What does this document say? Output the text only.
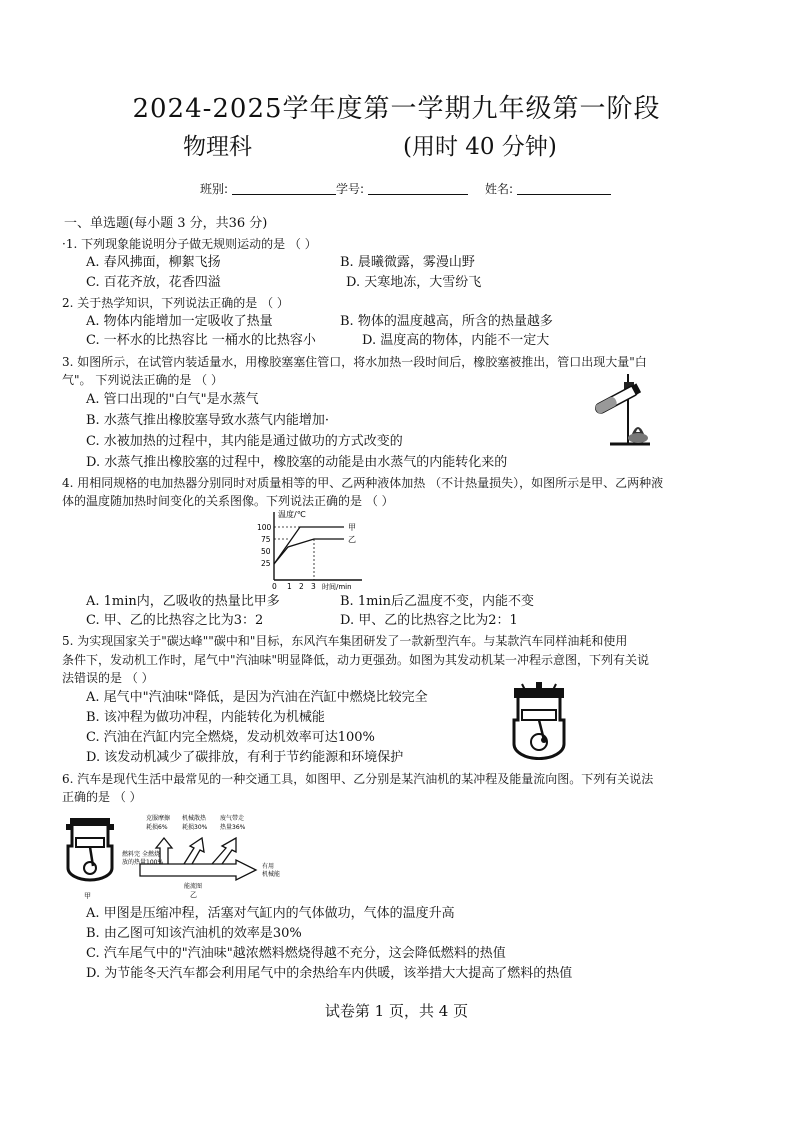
2024-2025学年度第一学期九年级第一阶段
物理科	(用时 40 分钟)
班别:	学号:	姓名:
一、单选题(每小题 3 分，共36 分)
·1. 下列现象能说明分子做无规则运动的是 （ ）
A. 春风拂面，柳絮飞扬	B. 晨曦微露，雾漫山野
C. 百花齐放，花香四溢	D. 天寒地冻，大雪纷飞
2. 关于热学知识，下列说法正确的是 （ ）
A. 物体内能增加一定吸收了热量	B. 物体的温度越高，所含的热量越多
C. 一杯水的比热容比 一桶水的比热容小	D. 温度高的物体，内能不一定大
3. 如图所示，在试管内装适量水，用橡胶塞塞住管口，将水加热一段时间后，橡胶塞被推出，管口出现大量"白
气"。 下列说法正确的是 （ ）
A. 管口出现的"白气"是水蒸气
B. 水蒸气推出橡胶塞导致水蒸气内能增加·
C. 水被加热的过程中，其内能是通过做功的方式改变的
D. 水蒸气推出橡胶塞的过程中，橡胶塞的动能是由水蒸气的内能转化来的
4. 用相同规格的电加热器分别同时对质量相等的甲、乙两种液体加热 （不计热量损失），如图所示是甲、乙两种液
体的温度随加热时间变化的关系图像。下列说法正确的是 （ ）
温度/℃
时间/min
100
75
50
25
0 1 2 3
甲
乙
A. 1min内，乙吸收的热量比甲多	B. 1min后乙温度不变，内能不变
C. 甲、乙的比热容之比为3：2	D. 甲、乙的比热容之比为2：1
5. 为实现国家关于"碳达峰""碳中和"目标，东风汽车集团研发了一款新型汽车。与某款汽车同样油耗和使用
条件下，发动机工作时，尾气中"汽油味"明显降低，动力更强劲。如图为其发动机某一冲程示意图，下列有关说
法错误的是 （ ）
A. 尾气中"汽油味"降低，是因为汽油在汽缸中燃烧比较完全
B. 该冲程为做功冲程，内能转化为机械能
C. 汽油在汽缸内完全燃烧，发动机效率可达100%
D. 该发动机减少了碳排放，有利于节约能源和环境保护
6. 汽车是现代生活中最常见的一种交通工具，如图甲、乙分别是某汽油机的某冲程及能量流向图。下列有关说法
正确的是 （ ）
甲
克服摩擦
耗损6%
机械散热
耗损30%
废气带走
热量36%
燃料完 全燃烧
放的热量100%
有用
机械能
能流图
乙
A. 甲图是压缩冲程，活塞对气缸内的气体做功，气体的温度升高
B. 由乙图可知该汽油机的效率是30%
C. 汽车尾气中的"汽油味"越浓燃料燃烧得越不充分，这会降低燃料的热值
D. 为节能冬天汽车都会利用尾气中的余热给车内供暖，该举措大大提高了燃料的热值
试卷第 1 页，共 4 页
